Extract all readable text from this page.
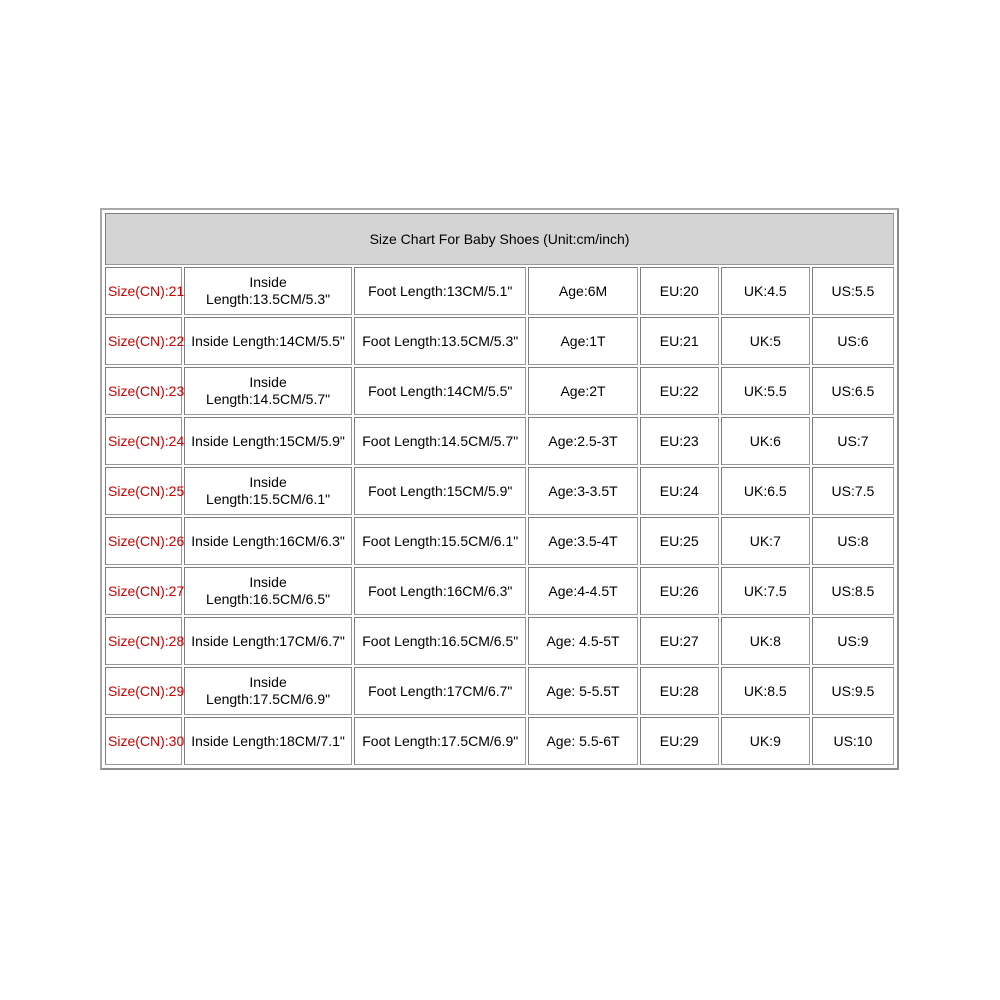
Size Chart For Baby Shoes (Unit:cm/inch)						
Size(CN):21	Inside Length:13.5CM/5.3"	Foot Length:13CM/5.1"	Age:6M	EU:20	UK:4.5	US:5.5
Size(CN):22	Inside Length:14CM/5.5"	Foot Length:13.5CM/5.3"	Age:1T	EU:21	UK:5	US:6
Size(CN):23	Inside Length:14.5CM/5.7"	Foot Length:14CM/5.5"	Age:2T	EU:22	UK:5.5	US:6.5
Size(CN):24	Inside Length:15CM/5.9"	Foot Length:14.5CM/5.7"	Age:2.5-3T	EU:23	UK:6	US:7
Size(CN):25	Inside Length:15.5CM/6.1"	Foot Length:15CM/5.9"	Age:3-3.5T	EU:24	UK:6.5	US:7.5
Size(CN):26	Inside Length:16CM/6.3"	Foot Length:15.5CM/6.1"	Age:3.5-4T	EU:25	UK:7	US:8
Size(CN):27	Inside Length:16.5CM/6.5"	Foot Length:16CM/6.3"	Age:4-4.5T	EU:26	UK:7.5	US:8.5
Size(CN):28	Inside Length:17CM/6.7"	Foot Length:16.5CM/6.5"	Age: 4.5-5T	EU:27	UK:8	US:9
Size(CN):29	Inside Length:17.5CM/6.9"	Foot Length:17CM/6.7"	Age: 5-5.5T	EU:28	UK:8.5	US:9.5
Size(CN):30	Inside Length:18CM/7.1"	Foot Length:17.5CM/6.9"	Age: 5.5-6T	EU:29	UK:9	US:10
